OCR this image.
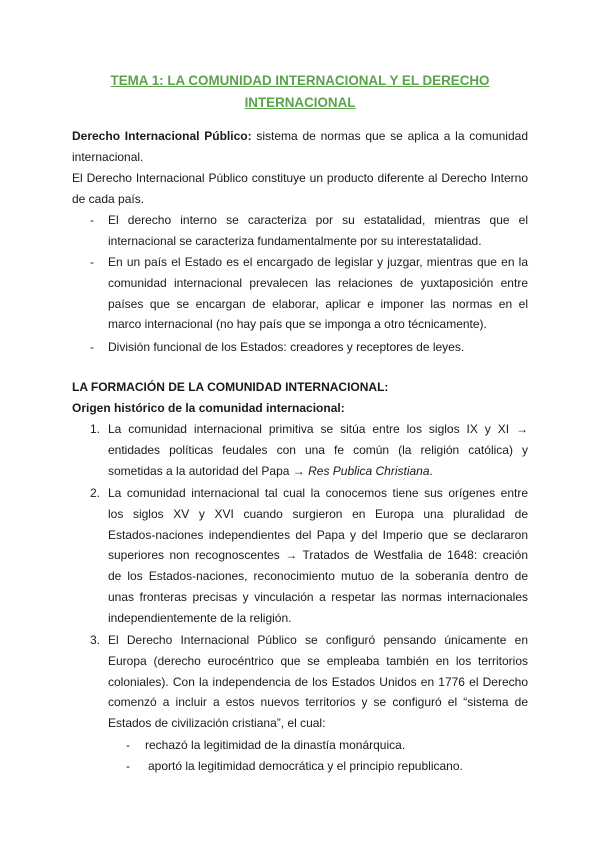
TEMA 1: LA COMUNIDAD INTERNACIONAL Y EL DERECHO
INTERNACIONAL
Derecho Internacional Público: sistema de normas que se aplica a la comunidad
internacional.
El Derecho Internacional Público constituye un producto diferente al Derecho Interno
de cada país.
- El derecho interno se caracteriza por su estatalidad, mientras que el
internacional se caracteriza fundamentalmente por su interestatalidad.
- En un país el Estado es el encargado de legislar y juzgar, mientras que en la
comunidad internacional prevalecen las relaciones de yuxtaposición entre
países que se encargan de elaborar, aplicar e imponer las normas en el
marco internacional (no hay país que se imponga a otro técnicamente).
- División funcional de los Estados: creadores y receptores de leyes.
LA FORMACIÓN DE LA COMUNIDAD INTERNACIONAL:
Origen histórico de la comunidad internacional:
1. La comunidad internacional primitiva se sitúa entre los siglos IX y XI →
entidades políticas feudales con una fe común (la religión católica) y
sometidas a la autoridad del Papa → Res Publica Christiana.
2. La comunidad internacional tal cual la conocemos tiene sus orígenes entre
los siglos XV y XVI cuando surgieron en Europa una pluralidad de
Estados-naciones independientes del Papa y del Imperio que se declararon
superiores non recognoscentes → Tratados de Westfalia de 1648: creación
de los Estados-naciones, reconocimiento mutuo de la soberanía dentro de
unas fronteras precisas y vinculación a respetar las normas internacionales
independientemente de la religión.
3. El Derecho Internacional Público se configuró pensando únicamente en
Europa (derecho eurocéntrico que se empleaba también en los territorios
coloniales). Con la independencia de los Estados Unidos en 1776 el Derecho
comenzó a incluir a estos nuevos territorios y se configuró el “sistema de
Estados de civilización cristiana”, el cual:
- rechazó la legitimidad de la dinastía monárquica.
- aportó la legitimidad democrática y el principio republicano.
